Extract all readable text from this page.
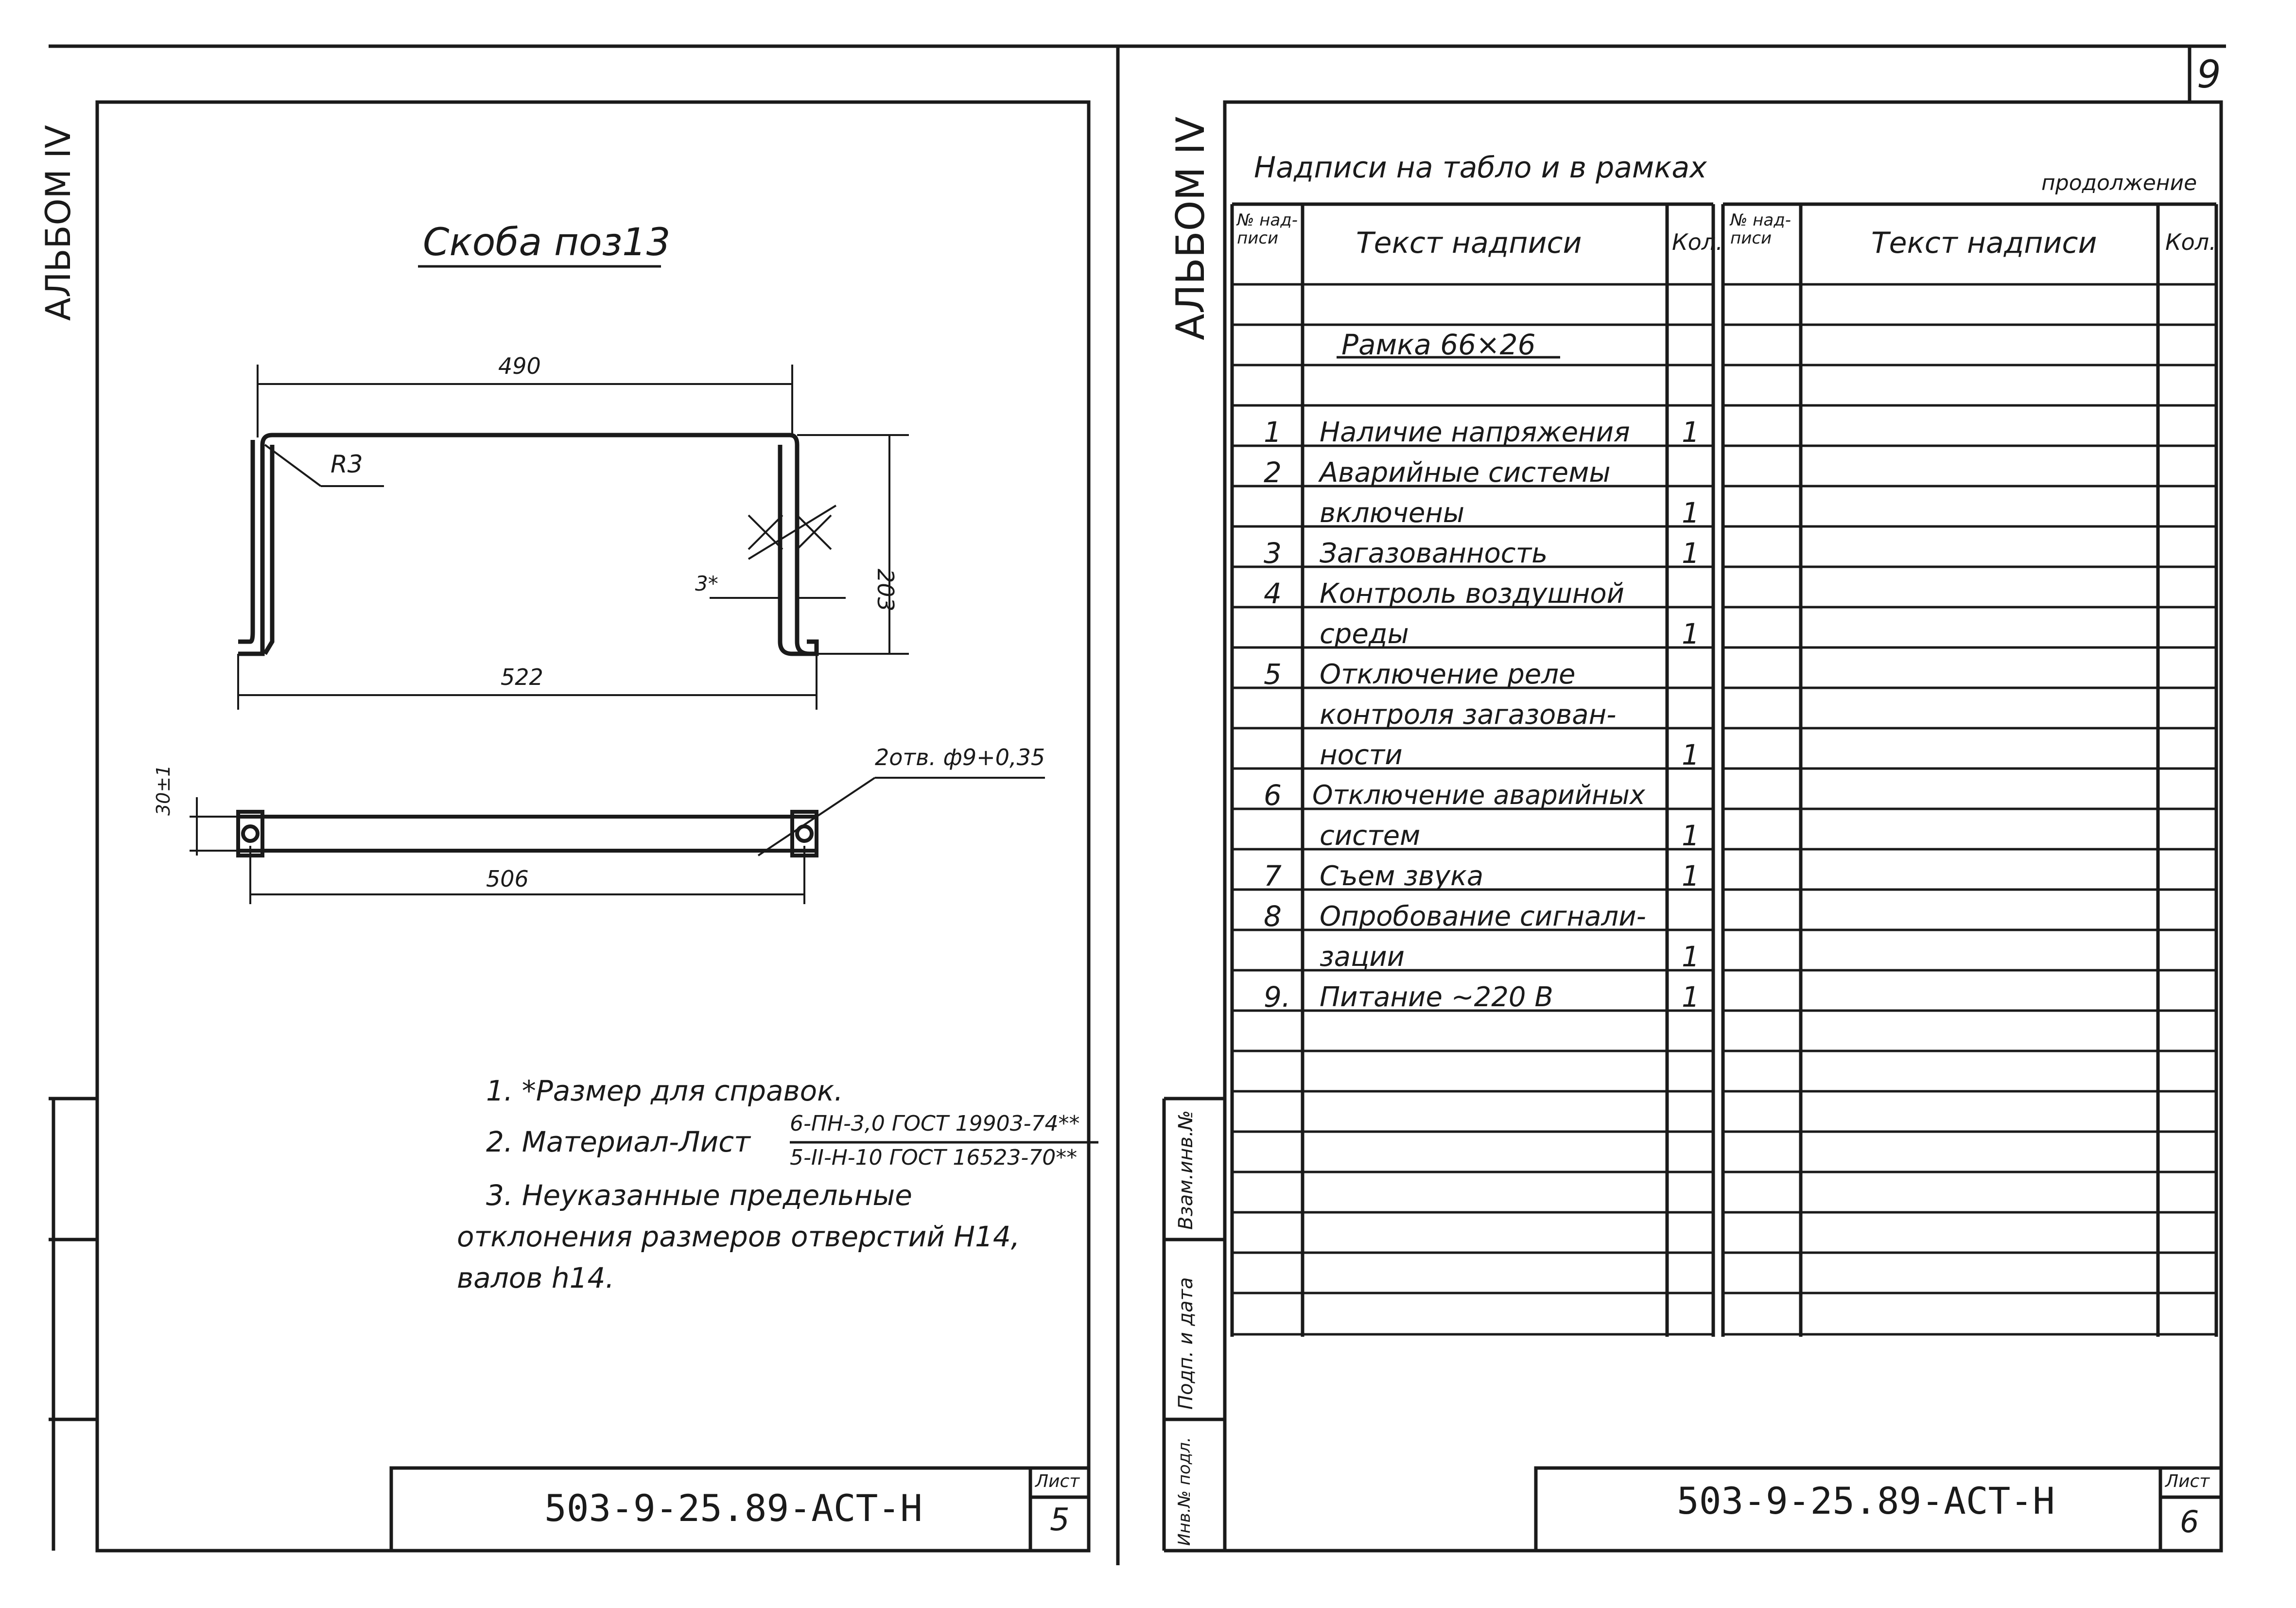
АЛЬБОМ IV	Скоба поз13
490
R3
203
3*
522
30±1
2отв. ф9+0,35
506
1. *Размер для справок.
2. Материал-Лист
6-ПН-3,0 ГОСТ 19903-74**
5-II-Н-10 ГОСТ 16523-70**
3. Неуказанные предельные
отклонения размеров отверстий Н14,
валов h14.
503-9-25.89-АСТ-Н
Лист
5
9
АЛЬБОМ IV Надписи на табло и в рамках	продолжение
№ над-писи	Текст надписи	Кол.
№ над-писи	Текст надписи	Кол.
Рамка 66×26
1 Наличие напряжения 1
2 Аварийные системы
включены	1
3 Загазованность	1
4 Контроль воздушной
среды	1
5 Отключение реле
контроля загазован-
ности	1
6 Отключение аварийных
систем	1
7 Съем звука	1
8 Опробование сигнали-
зации	1
9. Питание ~220 В	1
Взам.инв.№
Подп. и дата
Инв.№ подл.	503-9-25.89-АСТ-Н	Лист
6
